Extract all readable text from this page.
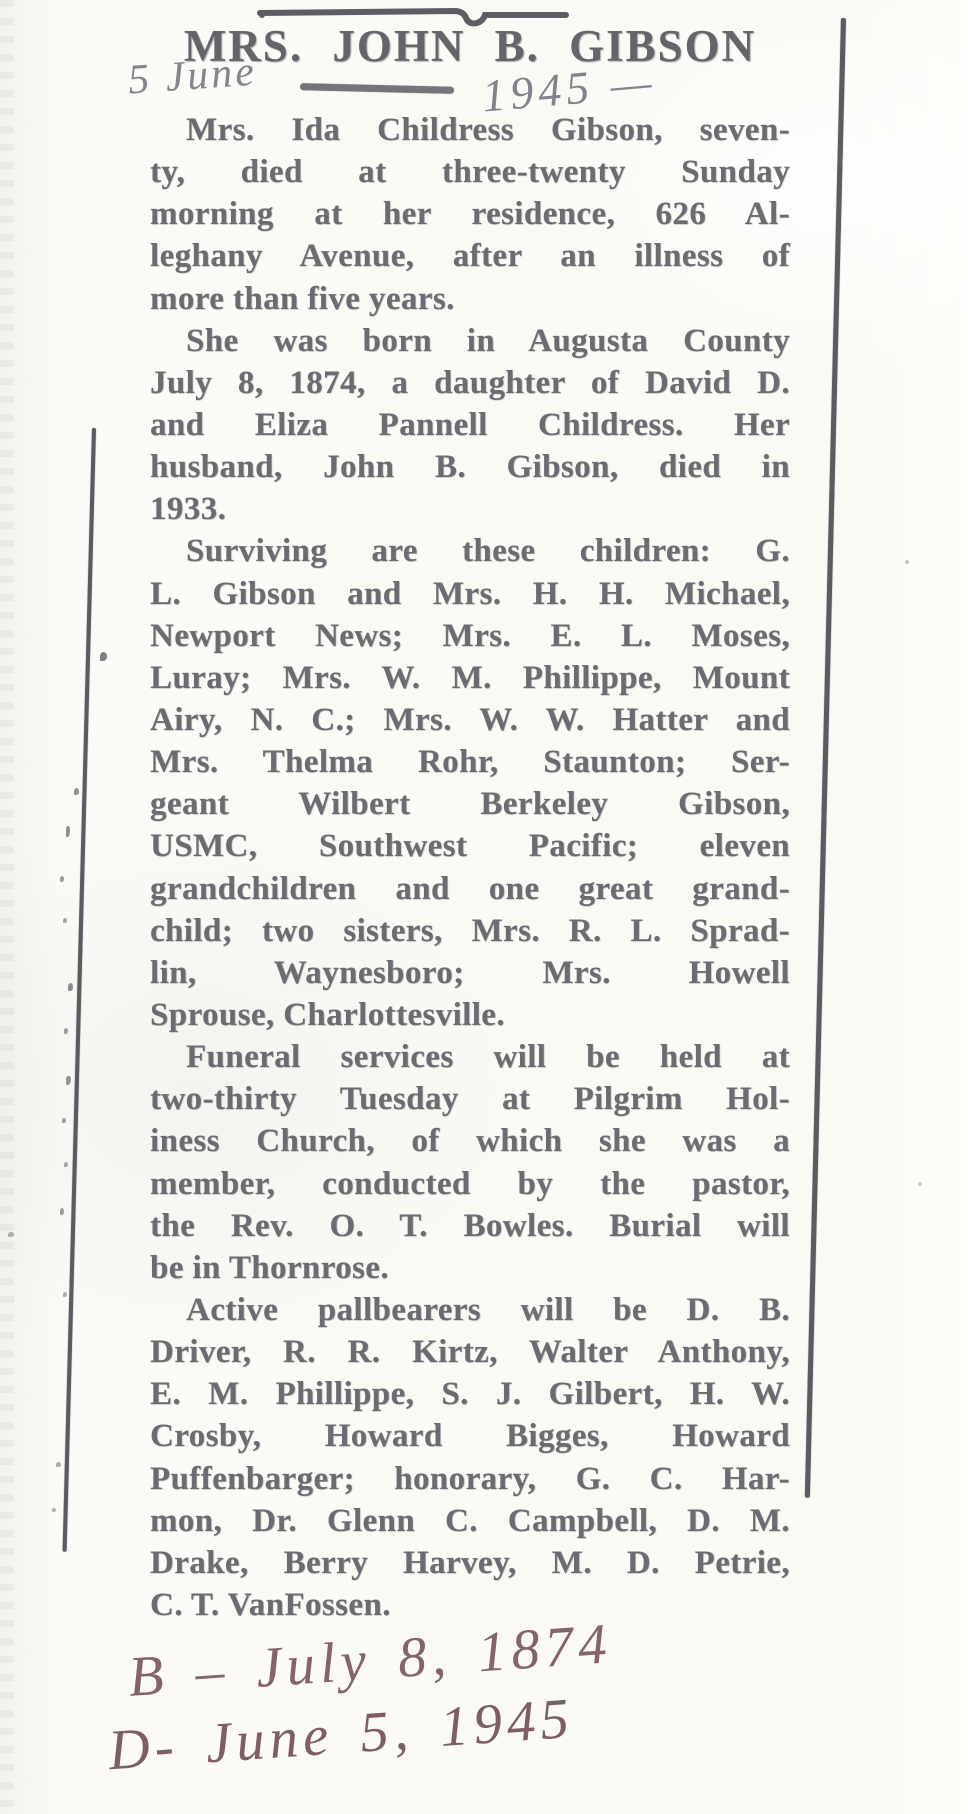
MRS. JOHN B. GIBSON
5 June	1945 —
Mrs. Ida Childress Gibson, seven-
ty, died at three-twenty Sunday
morning at her residence, 626 Al-
leghany Avenue, after an illness of
more than five years.
She was born in Augusta County
July 8, 1874, a daughter of David D.
and Eliza Pannell Childress. Her
husband, John B. Gibson, died in
1933.
Surviving are these children: G.
L. Gibson and Mrs. H. H. Michael,
Newport News; Mrs. E. L. Moses,
Luray; Mrs. W. M. Phillippe, Mount
Airy, N. C.; Mrs. W. W. Hatter and
Mrs. Thelma Rohr, Staunton; Ser-
geant Wilbert Berkeley Gibson,
USMC, Southwest Pacific; eleven
grandchildren and one great grand-
child; two sisters, Mrs. R. L. Sprad-
lin, Waynesboro; Mrs. Howell
Sprouse, Charlottesville.
Funeral services will be held at
two-thirty Tuesday at Pilgrim Hol-
iness Church, of which she was a
member, conducted by the pastor,
the Rev. O. T. Bowles. Burial will
be in Thornrose.
Active pallbearers will be D. B.
Driver, R. R. Kirtz, Walter Anthony,
E. M. Phillippe, S. J. Gilbert, H. W.
Crosby, Howard Bigges, Howard
Puffenbarger; honorary, G. C. Har-
mon, Dr. Glenn C. Campbell, D. M.
Drake, Berry Harvey, M. D. Petrie,
C. T. VanFossen.
B – July 8, 1874
D- June 5, 1945
